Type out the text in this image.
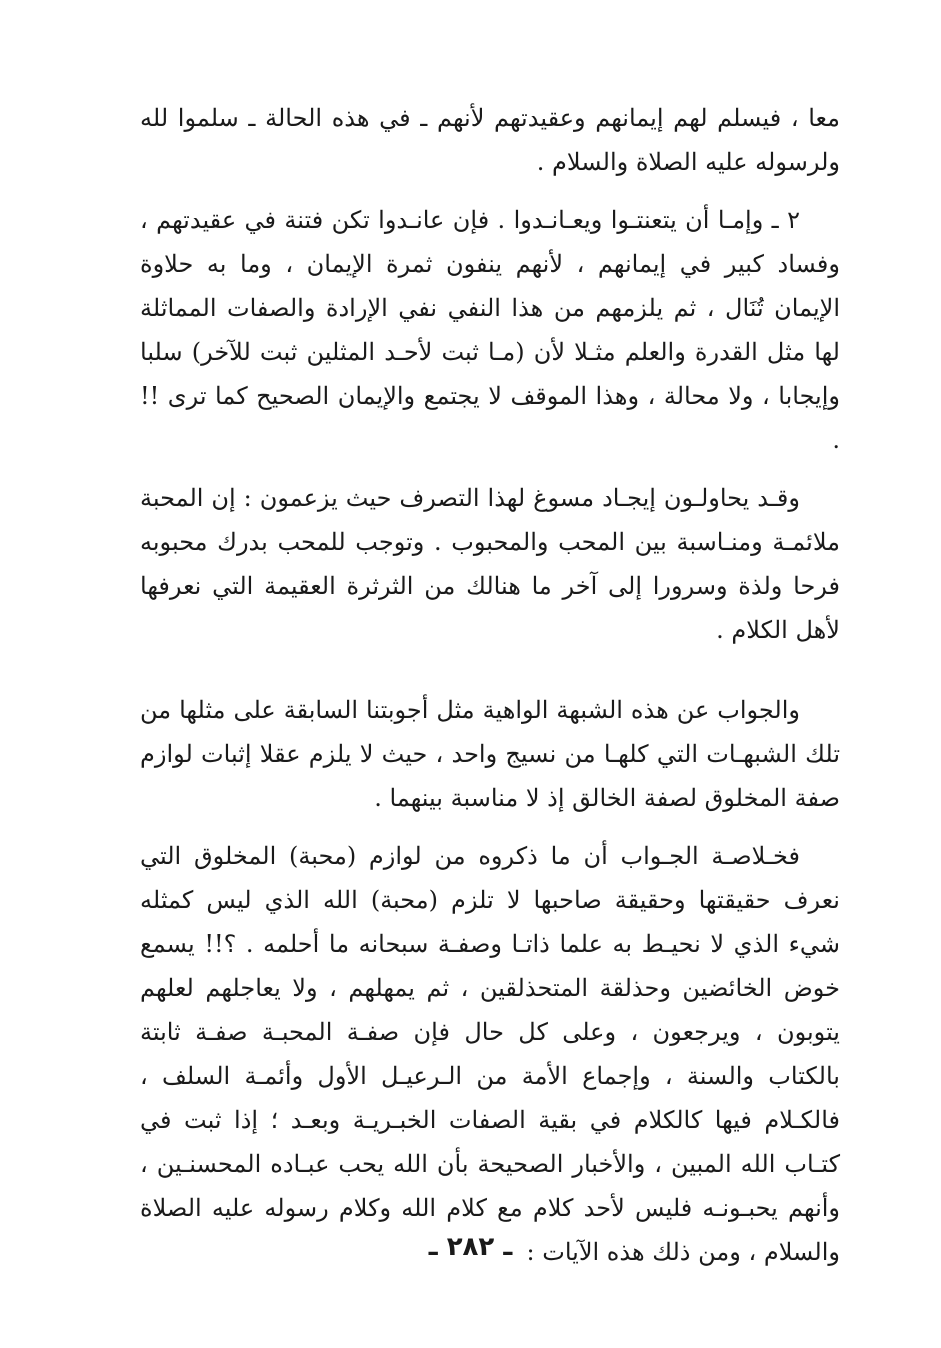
معا ، فيسلم لهم إيمانهم وعقيدتهم لأنهم ـ في هذه الحالة ـ سلموا لله ولرسوله عليه الصلاة والسلام .

٢ ـ وإمـا أن يتعنتـوا ويعـانـدوا . فإن عانـدوا تكن فتنة في عقيدتهم ، وفساد كبير في إيمانهم ، لأنهم ينفون ثمرة الإيمان ، وما به حلاوة الإيمان تُنَال ، ثم يلزمهم من هذا النفي نفي الإرادة والصفات المماثلة لها مثل القدرة والعلم مثـلا لأن (مـا ثبت لأحـد المثلين ثبت للآخر) سلبا وإيجابا ، ولا محالة ، وهذا الموقف لا يجتمع والإيمان الصحيح كما ترى !! .

وقـد يحاولـون إيجـاد مسوغ لهذا التصرف حيث يزعمون : إن المحبة ملائمـة ومنـاسبة بين المحب والمحبوب . وتوجب للمحب بدرك محبوبه فرحا ولذة وسرورا إلى آخر ما هنالك من الثرثرة العقيمة التي نعرفها لأهل الكلام .

والجواب عن هذه الشبهة الواهية مثل أجوبتنا السابقة على مثلها من تلك الشبهـات التي كلهـا من نسيج واحد ، حيث لا يلزم عقلا إثبات لوازم صفة المخلوق لصفة الخالق إذ لا مناسبة بينهما .

فخـلاصـة الجـواب أن ما ذكروه من لوازم (محبة) المخلوق التي نعرف حقيقتها وحقيقة صاحبها لا تلزم (محبة) الله الذي ليس كمثله شيء الذي لا نحيـط به علما ذاتـا وصفـة سبحانه ما أحلمه . ؟!! يسمع خوض الخائضين وحذلقة المتحذلقين ، ثم يمهلهم ، ولا يعاجلهم لعلهم يتوبون ، ويرجعون ، وعلى كل حال فإن صفـة المحبـة صفـة ثابتة بالكتاب والسنة ، وإجماع الأمة من الـرعيـل الأول وأئمـة السلف ، فالكـلام فيها كالكلام في بقية الصفات الخبـريـة وبعـد ؛ إذا ثبت في كتـاب الله المبين ، والأخبار الصحيحة بأن الله يحب عبـاده المحسنـين ، وأنهم يحبـونـه فليس لأحد كلام مع كلام الله وكلام رسوله عليه الصلاة والسلام ، ومن ذلك هذه الآيات :

ـ ٢٨٢ ـ
